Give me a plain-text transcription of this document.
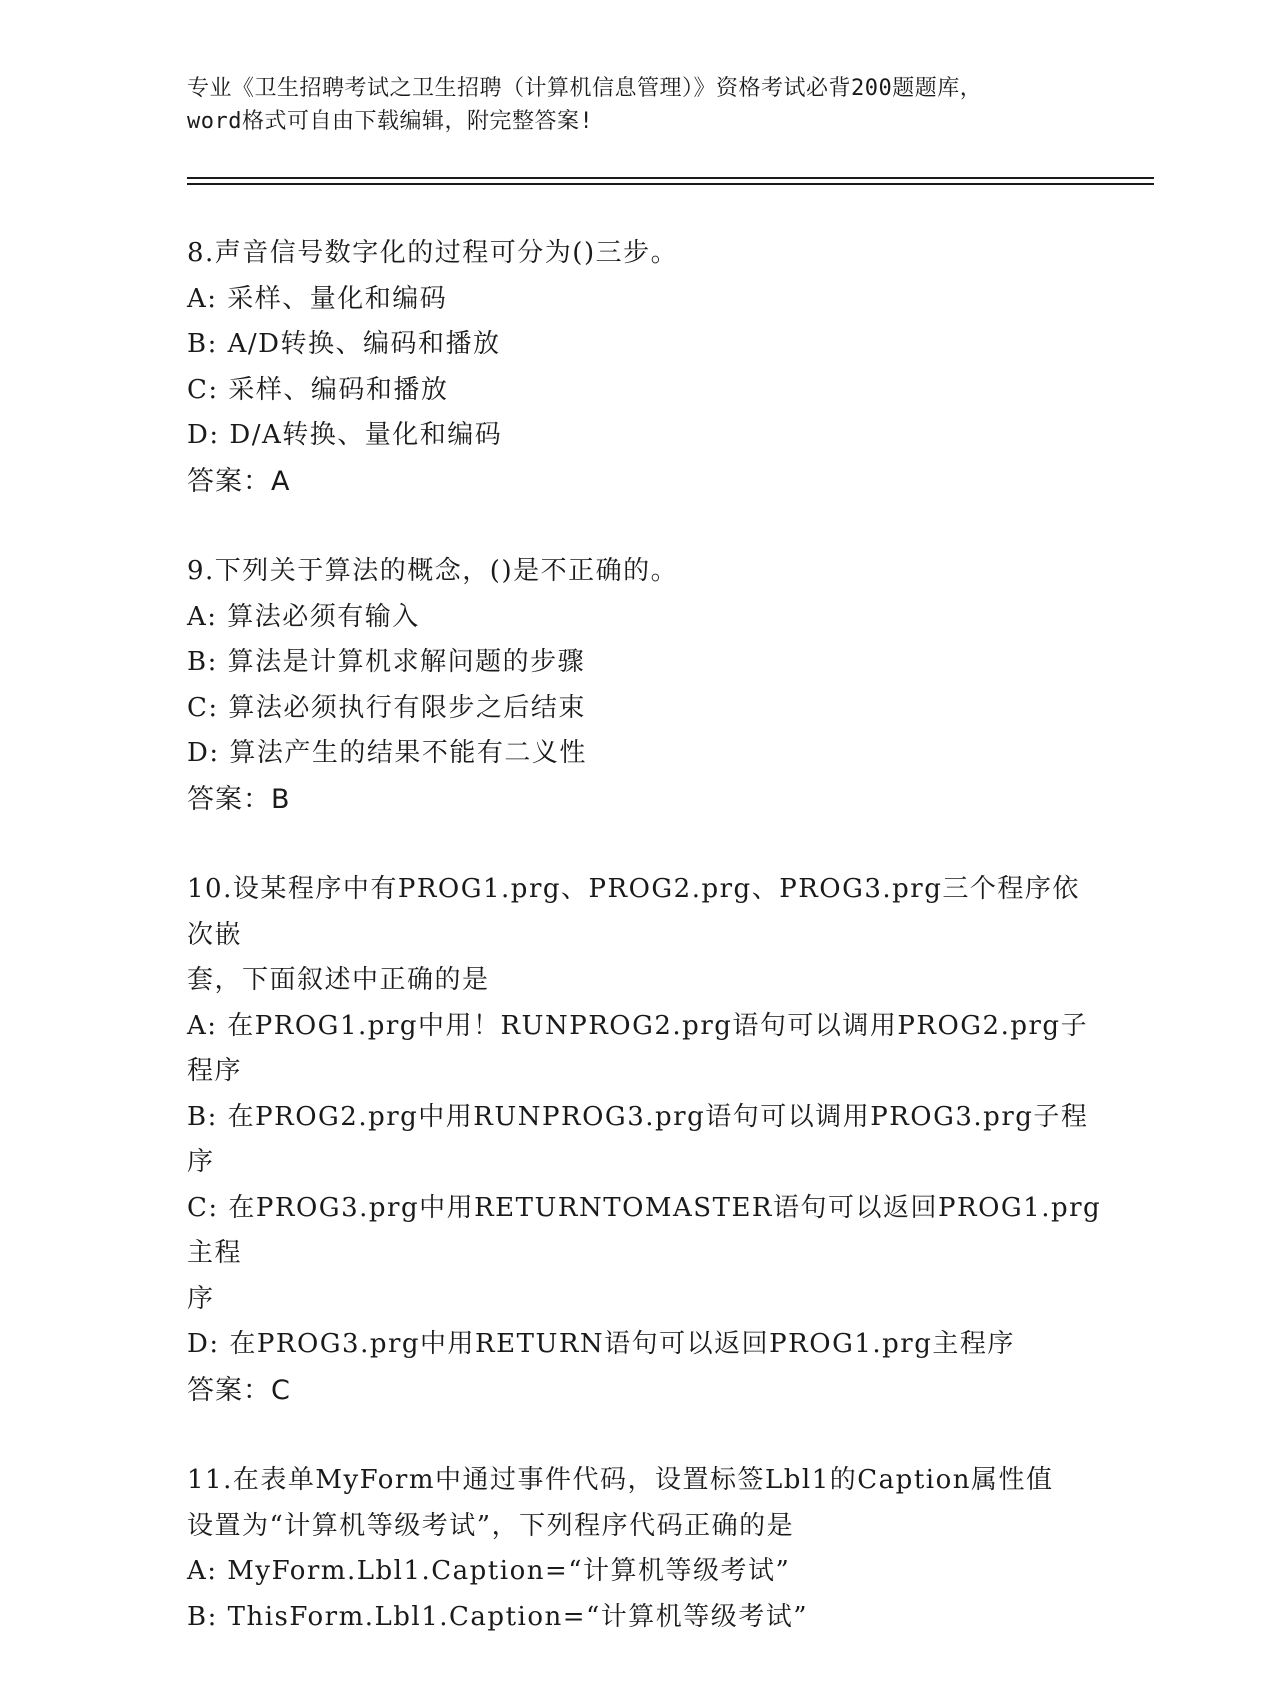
专业《卫生招聘考试之卫生招聘（计算机信息管理）》资格考试必背200题题库，
word格式可自由下载编辑，附完整答案!
8.声音信号数字化的过程可分为()三步。
A: 采样、量化和编码
B: A/D转换、编码和播放
C: 采样、编码和播放
D: D/A转换、量化和编码
答案：A
9.下列关于算法的概念，()是不正确的。
A: 算法必须有输入
B: 算法是计算机求解问题的步骤
C: 算法必须执行有限步之后结束
D: 算法产生的结果不能有二义性
答案：B
10.设某程序中有PROG1.prg、PROG2.prg、PROG3.prg三个程序依次嵌
套，下面叙述中正确的是
A: 在PROG1.prg中用！RUNPROG2.prg语句可以调用PROG2.prg子程序
B: 在PROG2.prg中用RUNPROG3.prg语句可以调用PROG3.prg子程序
C: 在PROG3.prg中用RETURNTOMASTER语句可以返回PROG1.prg主程
序
D: 在PROG3.prg中用RETURN语句可以返回PROG1.prg主程序
答案：C
11.在表单MyForm中通过事件代码，设置标签Lbl1的Caption属性值
设置为“计算机等级考试”，下列程序代码正确的是
A: MyForm.Lbl1.Caption=“计算机等级考试”
B: ThisForm.Lbl1.Caption=“计算机等级考试”
